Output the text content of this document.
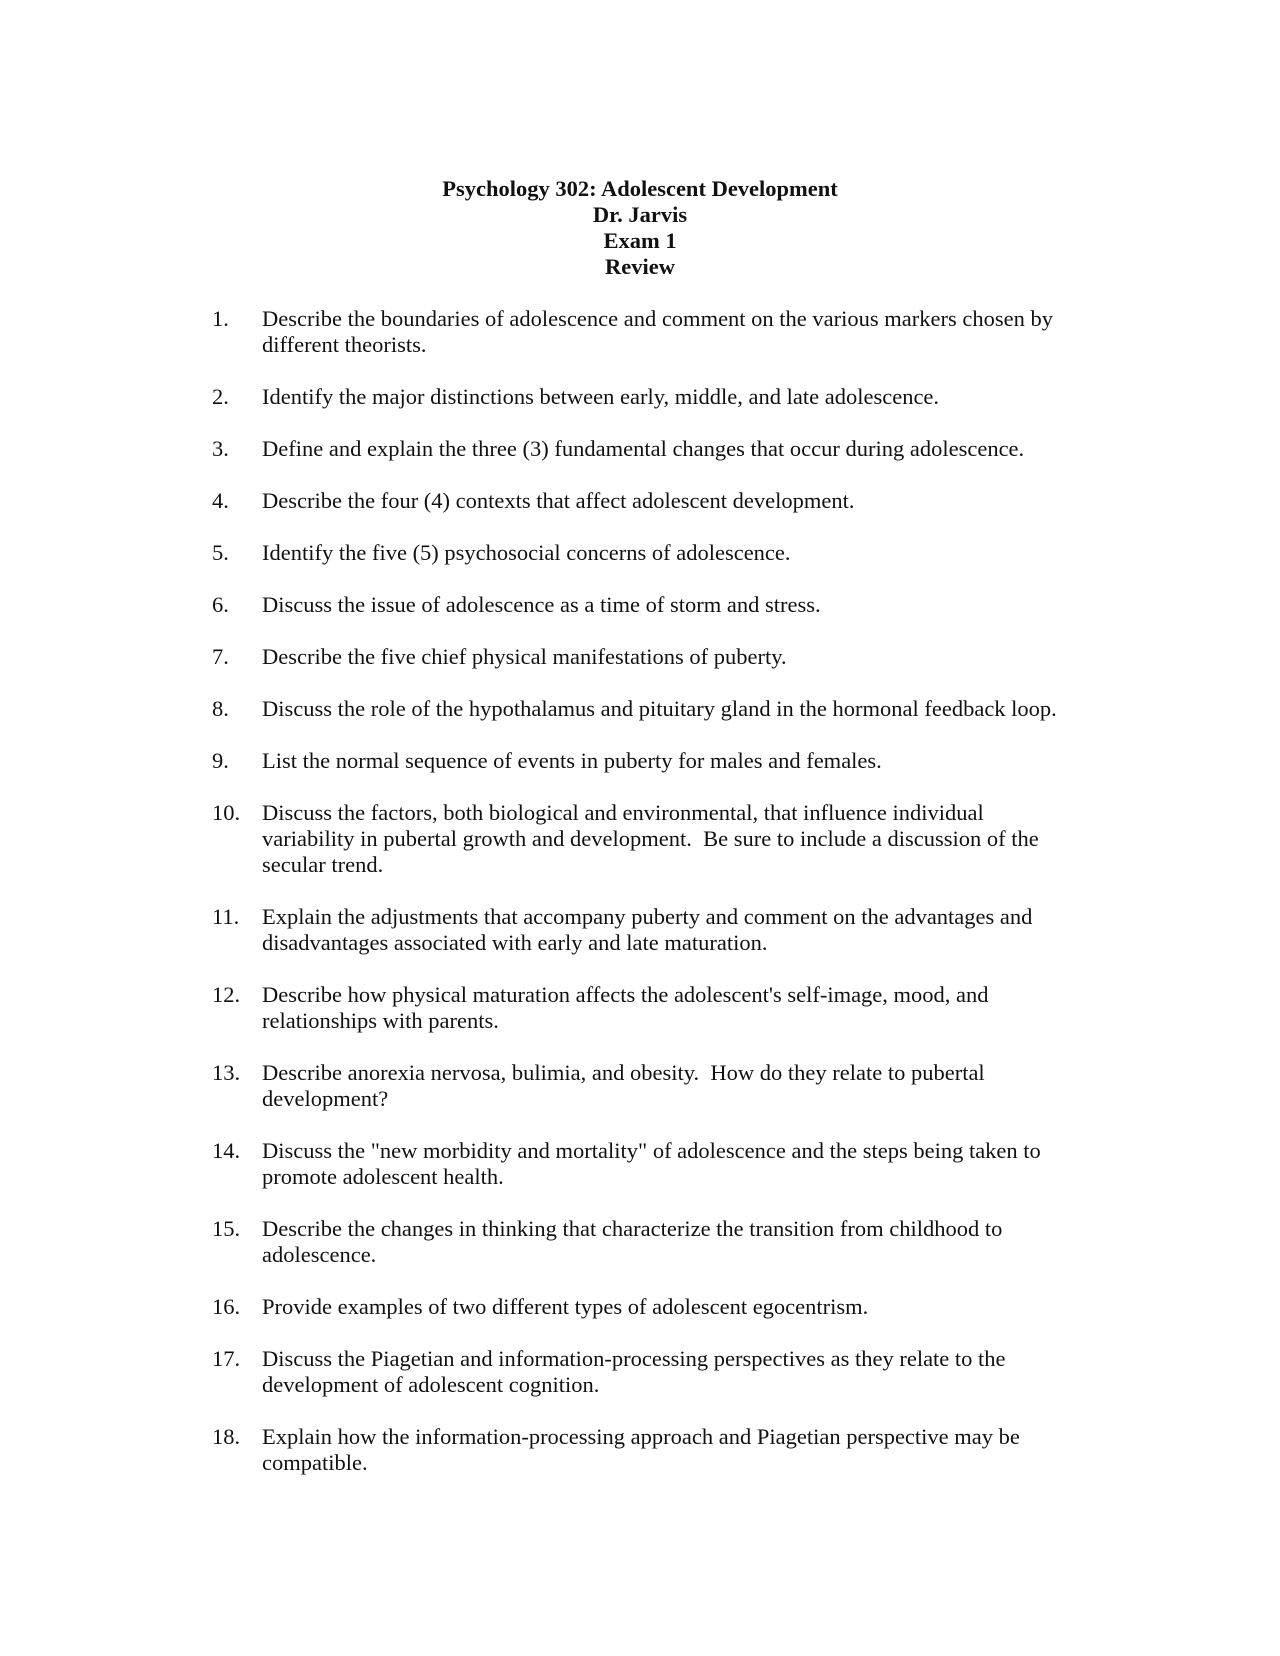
Psychology 302: Adolescent Development
Dr. Jarvis
Exam 1
Review
1.	Describe the boundaries of adolescence and comment on the various markers chosen by different theorists.
2.	Identify the major distinctions between early, middle, and late adolescence.
3.	Define and explain the three (3) fundamental changes that occur during adolescence.
4.	Describe the four (4) contexts that affect adolescent development.
5.	Identify the five (5) psychosocial concerns of adolescence.
6.	Discuss the issue of adolescence as a time of storm and stress.
7.	Describe the five chief physical manifestations of puberty.
8.	Discuss the role of the hypothalamus and pituitary gland in the hormonal feedback loop.
9.	List the normal sequence of events in puberty for males and females.
10. Discuss the factors, both biological and environmental, that influence individual variability in pubertal growth and development.  Be sure to include a discussion of the secular trend.
11. Explain the adjustments that accompany puberty and comment on the advantages and disadvantages associated with early and late maturation.
12. Describe how physical maturation affects the adolescent's self-image, mood, and relationships with parents.
13. Describe anorexia nervosa, bulimia, and obesity.  How do they relate to pubertal development?
14. Discuss the "new morbidity and mortality" of adolescence and the steps being taken to promote adolescent health.
15. Describe the changes in thinking that characterize the transition from childhood to adolescence.
16. Provide examples of two different types of adolescent egocentrism.
17. Discuss the Piagetian and information-processing perspectives as they relate to the development of adolescent cognition.
18. Explain how the information-processing approach and Piagetian perspective may be compatible.
